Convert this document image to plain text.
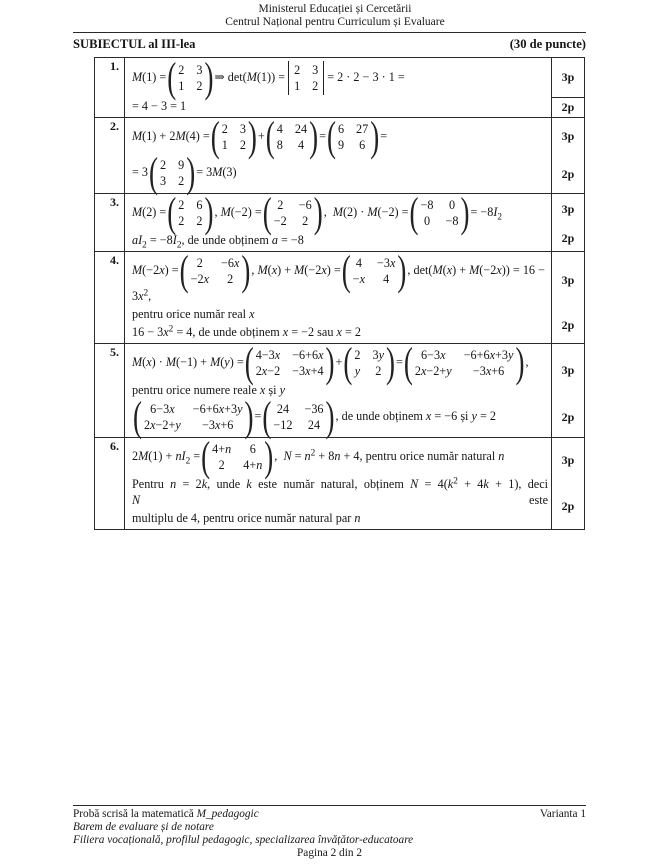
Ministerul Educației și Cercetării
Centrul Național pentru Curriculum și Evaluare
SUBIECTUL al III-lea	(30 de puncte)
1.
M(1) = ( 2 3
1 2
)
⇒ det(M(1)) = 2 3
1 2
= 2 · 2 − 3 · 1 =
= 4 − 3 = 1
3p
2p
2.
M(1) + 2M(4) = ( 2 3
1 2
)
+ ( 4 24
8 4
)
= ( 6 27
9 6
)
=
= 3 ( 2 9
3 2
)
= 3M(3)
3p
2p
3.
M(2) = ( 2 6
2 2
)
, M(−2) = ( 2 −6
−2 2
)
,  M(2) · M(−2) = ( −8 0
0 −8
)
= $-8I_2$
$aI_2 = -8I_2$, de unde obținem a = −8
3p
2p
4.
M(−2x) = ( 2 −6x
−2x 2
)
, M(x) + M(−2x) = ( 4 −3x
−x 4
)
, $\det(M(x) + M(-2x)) = 16 - 3x^2$,
pentru orice număr real x
$16 - 3x^2 = 4$, de unde obținem x = −2 sau x = 2
3p
2p
5.
M(x) · M(−1) + M(y) = ( 4−3x −6+6x
2x−2 −3x+4
)
+ ( 2 3y
y 2
)
= ( 6−3x −6+6x+3y
2x−2+y −3x+6
)
,
pentru orice numere reale x și y
(
6−3x −6+6x+3y
2x−2+y −3x+6
)
= ( 24 −36
−12 24
)
, de unde obținem x = −6 și y = 2
3p
2p
6.
$2M(1) + nI_2$ = ( 4+n 6
2 4+n
)
,  $N = n^2 + 8n + 4$, pentru orice număr natural n
Pentru n = 2k, unde k este număr natural, obținem $N = 4(k^2 + 4k + 1)$, deci N este
multiplu de 4, pentru orice număr natural par n
3p
2p
Probă scrisă la matematică M_pedagogic	Varianta 1
Barem de evaluare și de notare
Filiera vocațională, profilul pedagogic, specializarea învățător-educatoare
Pagina 2 din 2
